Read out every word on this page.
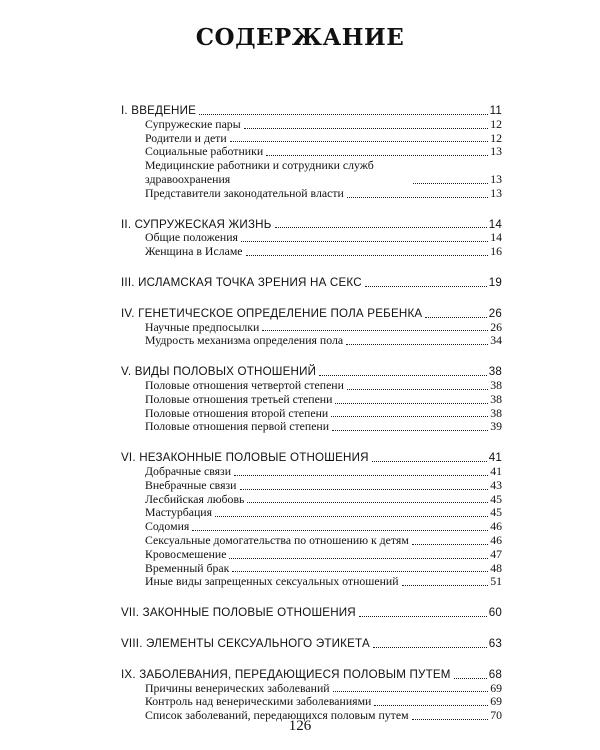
СОДЕРЖАНИЕ
I. ВВЕДЕНИЕ	11
Супружеские пары	12
Родители и дети	12
Социальные работники	13
Медицинские работники и сотрудники служб здравоохранения	13
Представители законодательной власти	13
II. СУПРУЖЕСКАЯ ЖИЗНЬ	14
Общие положения	14
Женщина в Исламе	16
III. ИСЛАМСКАЯ ТОЧКА ЗРЕНИЯ НА СЕКС	19
IV. ГЕНЕТИЧЕСКОЕ ОПРЕДЕЛЕНИЕ ПОЛА РЕБЕНКА	26
Научные предпосылки	26
Мудрость механизма определения пола	34
V. ВИДЫ ПОЛОВЫХ ОТНОШЕНИЙ	38
Половые отношения четвертой степени	38
Половые отношения третьей степени	38
Половые отношения второй степени	38
Половые отношения первой степени	39
VI. НЕЗАКОННЫЕ ПОЛОВЫЕ ОТНОШЕНИЯ	41
Добрачные связи	41
Внебрачные связи	43
Лесбийская любовь	45
Мастурбация	45
Содомия	46
Сексуальные домогательства по отношению к детям	46
Кровосмешение	47
Временный брак	48
Иные виды запрещенных сексуальных отношений	51
VII. ЗАКОННЫЕ ПОЛОВЫЕ ОТНОШЕНИЯ	60
VIII. ЭЛЕМЕНТЫ СЕКСУАЛЬНОГО ЭТИКЕТА	63
IX. ЗАБОЛЕВАНИЯ, ПЕРЕДАЮЩИЕСЯ ПОЛОВЫМ ПУТЕМ	68
Причины венерических заболеваний	69
Контроль над венерическими заболеваниями	69
Список заболеваний, передающихся половым путем	70
126
